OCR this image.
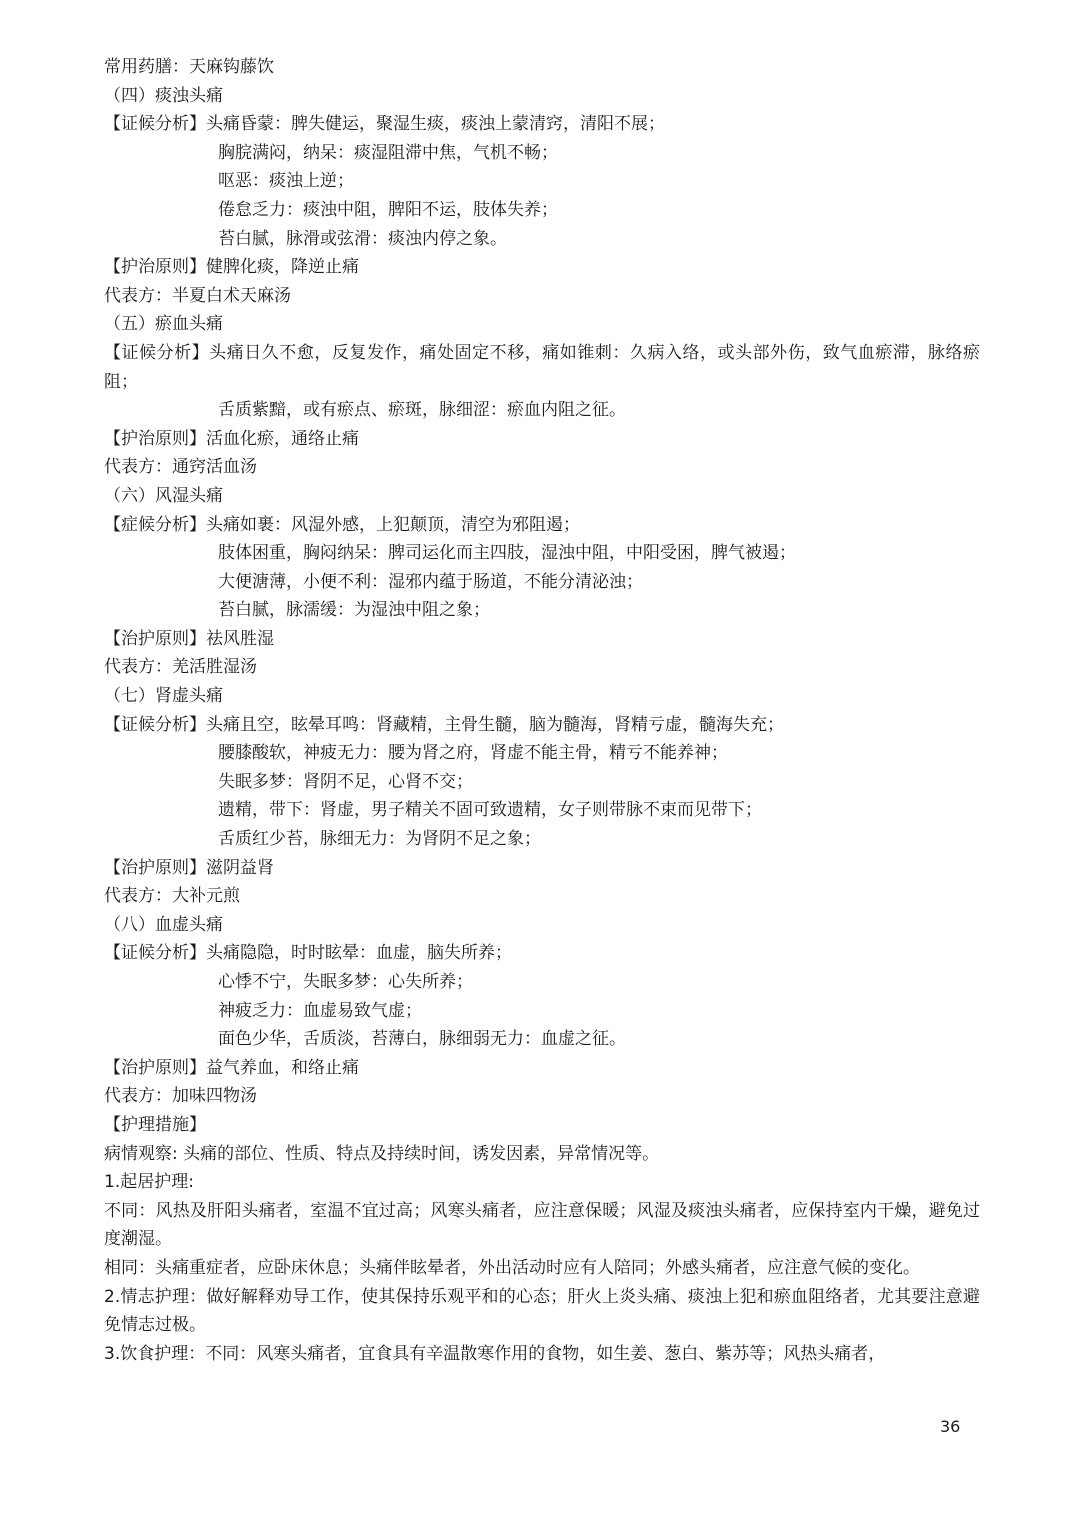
常用药膳：天麻钩藤饮

（四）痰浊头痛

【证候分析】头痛昏蒙：脾失健运，聚湿生痰，痰浊上蒙清窍，清阳不展；

胸脘满闷，纳呆：痰湿阻滞中焦，气机不畅；

呕恶：痰浊上逆；

倦怠乏力：痰浊中阻，脾阳不运，肢体失养；

苔白腻，脉滑或弦滑：痰浊内停之象。

【护治原则】健脾化痰，降逆止痛

代表方：半夏白术天麻汤

（五）瘀血头痛

【证候分析】头痛日久不愈，反复发作，痛处固定不移，痛如锥刺：久病入络，或头部外伤，致气血瘀滞，脉络瘀阻；

舌质紫黯，或有瘀点、瘀斑，脉细涩：瘀血内阻之征。

【护治原则】活血化瘀，通络止痛

代表方：通窍活血汤

（六）风湿头痛

【症候分析】头痛如裹：风湿外感，上犯颠顶，清空为邪阻遏；

肢体困重，胸闷纳呆：脾司运化而主四肢，湿浊中阻，中阳受困，脾气被遏；

大便溏薄，小便不利：湿邪内蕴于肠道，不能分清泌浊；

苔白腻，脉濡缓：为湿浊中阻之象；

【治护原则】祛风胜湿

代表方：羌活胜湿汤

（七）肾虚头痛

【证候分析】头痛且空，眩晕耳鸣：肾藏精，主骨生髓，脑为髓海，肾精亏虚，髓海失充；

腰膝酸软，神疲无力：腰为肾之府，肾虚不能主骨，精亏不能养神；

失眠多梦：肾阴不足，心肾不交；

遗精，带下：肾虚，男子精关不固可致遗精，女子则带脉不束而见带下；

舌质红少苔，脉细无力：为肾阴不足之象；

【治护原则】滋阴益肾

代表方：大补元煎

（八）血虚头痛

【证候分析】头痛隐隐，时时眩晕：血虚，脑失所养；

心悸不宁，失眠多梦：心失所养；

神疲乏力：血虚易致气虚；

面色少华，舌质淡，苔薄白，脉细弱无力：血虚之征。

【治护原则】益气养血，和络止痛

代表方：加味四物汤

【护理措施】

病情观察: 头痛的部位、性质、特点及持续时间，诱发因素，异常情况等。

1.起居护理:

不同：风热及肝阳头痛者，室温不宜过高；风寒头痛者，应注意保暖；风湿及痰浊头痛者，应保持室内干燥，避免过度潮湿。

相同：头痛重症者，应卧床休息；头痛伴眩晕者，外出活动时应有人陪同；外感头痛者，应注意气候的变化。

2.情志护理：做好解释劝导工作，使其保持乐观平和的心态；肝火上炎头痛、痰浊上犯和瘀血阻络者，尤其要注意避免情志过极。

3.饮食护理：不同：风寒头痛者，宜食具有辛温散寒作用的食物，如生姜、葱白、紫苏等；风热头痛者，

36
